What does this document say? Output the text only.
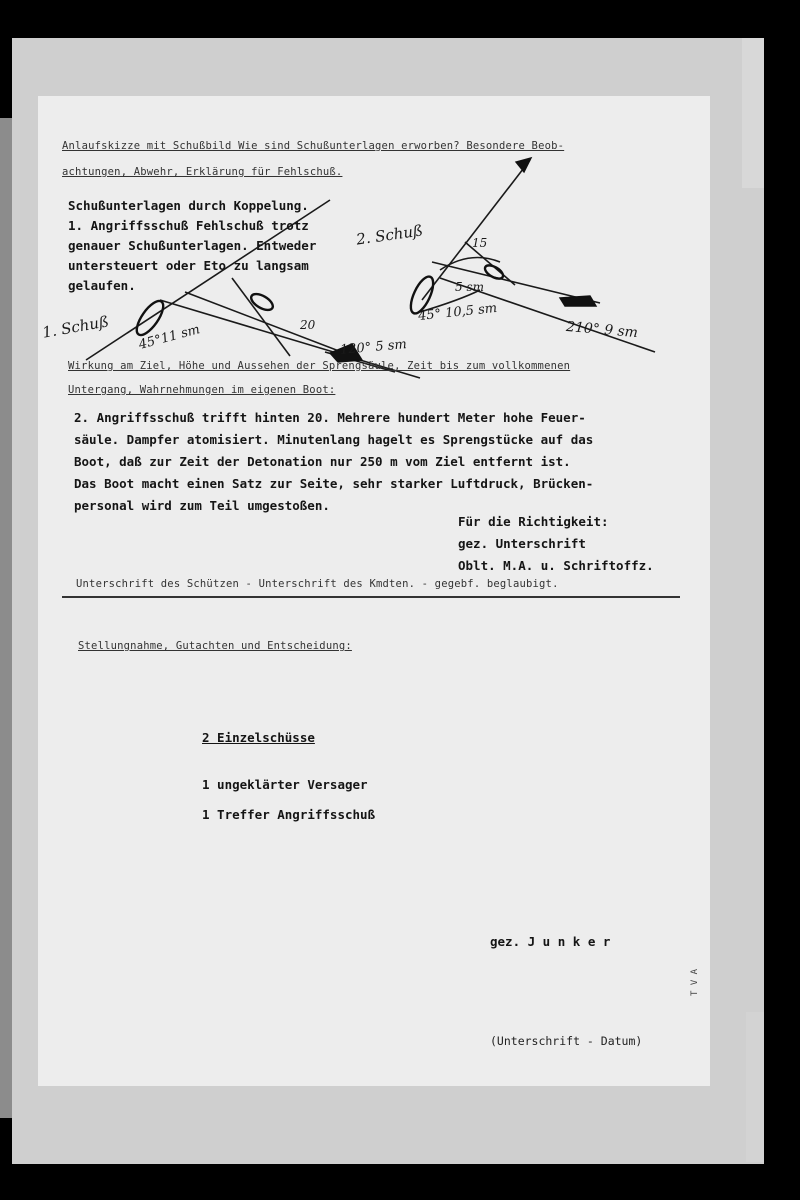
Anlaufskizze mit Schußbild Wie sind Schußunterlagen erworben? Besondere Beob-
achtungen, Abwehr, Erklärung für Fehlschuß.
Schußunterlagen durch Koppelung.
1. Angriffsschuß Fehlschuß trotz
genauer Schußunterlagen. Entweder
untersteuert oder Eto zu langsam
gelaufen.
1. Schuß
2. Schuß
45°11 sm
45° 10,5 sm
120° 5 sm
210° 9 sm
20
15
5 sm
Wirkung am Ziel, Höhe und Aussehen der Sprengsäule, Zeit bis zum vollkommenen
Untergang, Wahrnehmungen im eigenen Boot:
2. Angriffsschuß trifft hinten 20. Mehrere hundert Meter hohe Feuer-
säule. Dampfer atomisiert. Minutenlang hagelt es Sprengstücke auf das
Boot, daß zur Zeit der Detonation nur 250 m vom Ziel entfernt ist.
Das Boot macht einen Satz zur Seite, sehr starker Luftdruck, Brücken-
personal wird zum Teil umgestoßen.
Für die Richtigkeit:
gez. Unterschrift
Oblt. M.A. u. Schriftoffz.
Unterschrift des Schützen - Unterschrift des Kmdten. - gegebf. beglaubigt.
Stellungnahme, Gutachten und Entscheidung:
2 Einzelschüsse
1 ungeklärter Versager
1 Treffer Angriffsschuß
gez. J u n k e r
(Unterschrift - Datum)
T V A
